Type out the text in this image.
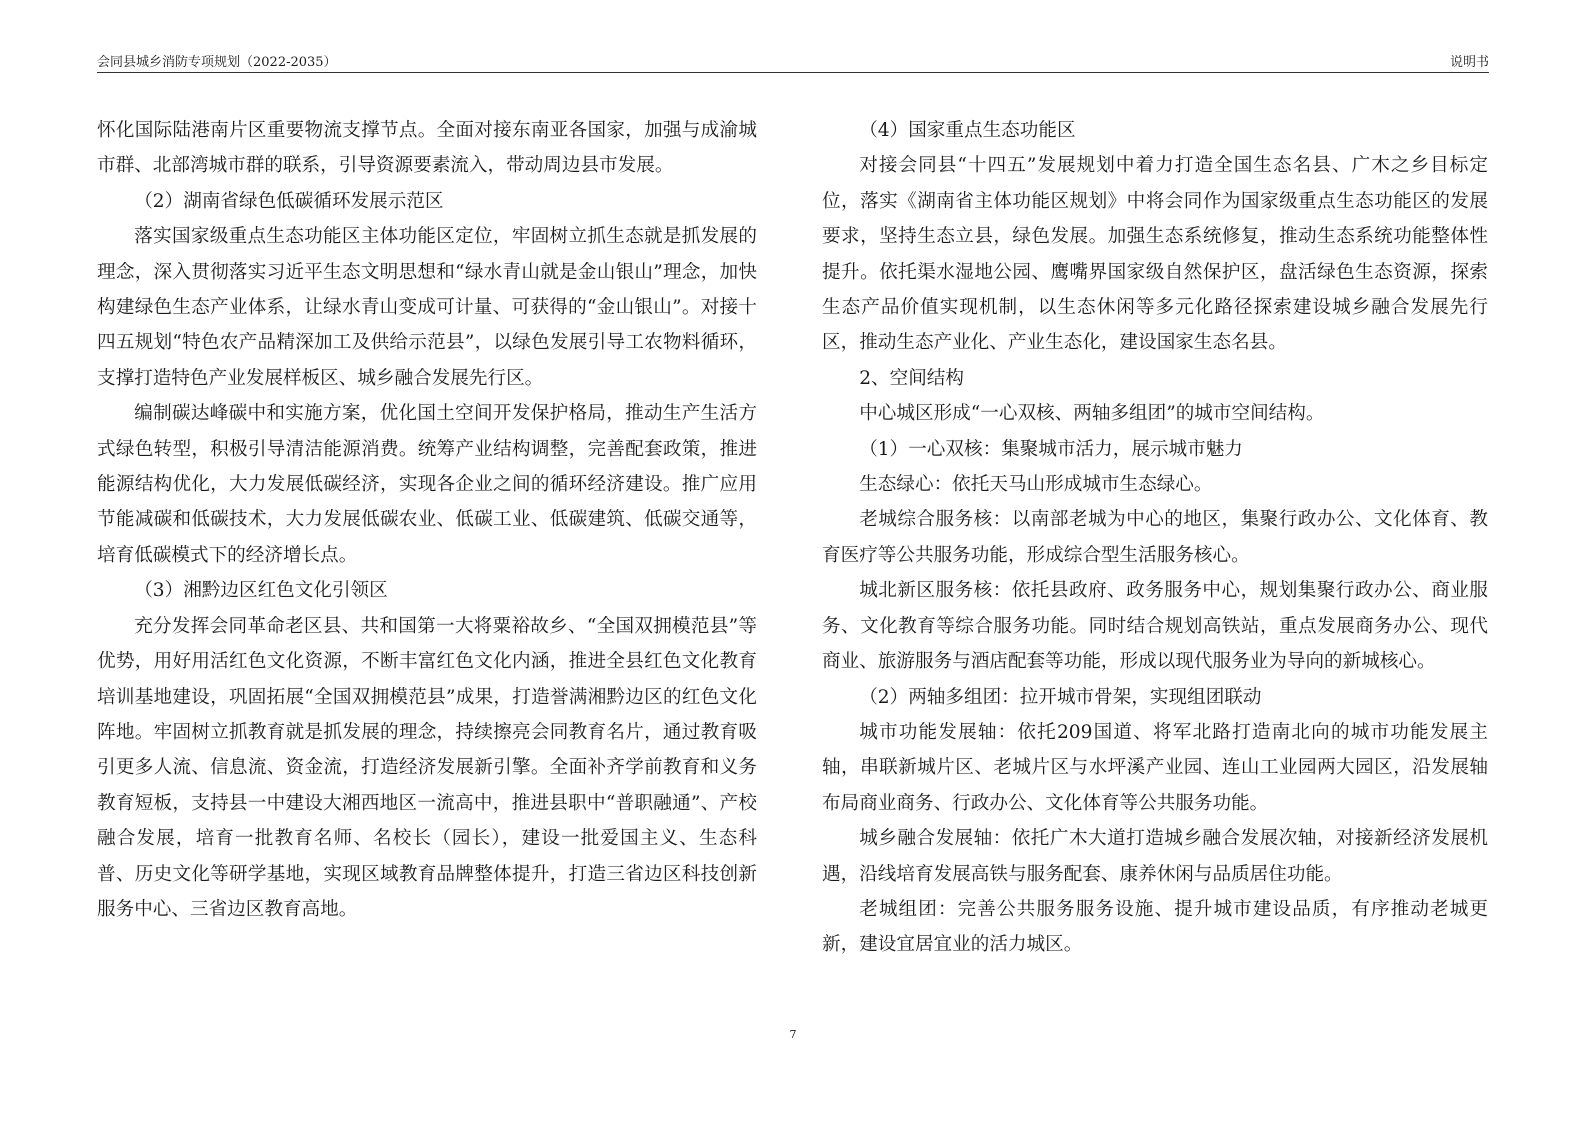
会同县城乡消防专项规划（2022-2035）	说明书

怀化国际陆港南片区重要物流支撑节点。全面对接东南亚各国家，加强与成渝城市群、北部湾城市群的联系，引导资源要素流入，带动周边县市发展。

（2）湖南省绿色低碳循环发展示范区

落实国家级重点生态功能区主体功能区定位，牢固树立抓生态就是抓发展的理念，深入贯彻落实习近平生态文明思想和“绿水青山就是金山银山”理念，加快构建绿色生态产业体系，让绿水青山变成可计量、可获得的“金山银山”。对接十四五规划“特色农产品精深加工及供给示范县”，以绿色发展引导工农物料循环，支撑打造特色产业发展样板区、城乡融合发展先行区。

编制碳达峰碳中和实施方案，优化国土空间开发保护格局，推动生产生活方式绿色转型，积极引导清洁能源消费。统筹产业结构调整，完善配套政策，推进能源结构优化，大力发展低碳经济，实现各企业之间的循环经济建设。推广应用节能减碳和低碳技术，大力发展低碳农业、低碳工业、低碳建筑、低碳交通等，培育低碳模式下的经济增长点。

（3）湘黔边区红色文化引领区

充分发挥会同革命老区县、共和国第一大将粟裕故乡、“全国双拥模范县”等优势，用好用活红色文化资源，不断丰富红色文化内涵，推进全县红色文化教育培训基地建设，巩固拓展“全国双拥模范县”成果，打造誉满湘黔边区的红色文化阵地。牢固树立抓教育就是抓发展的理念，持续擦亮会同教育名片，通过教育吸引更多人流、信息流、资金流，打造经济发展新引擎。全面补齐学前教育和义务教育短板，支持县一中建设大湘西地区一流高中，推进县职中“普职融通”、产校融合发展，培育一批教育名师、名校长（园长），建设一批爱国主义、生态科普、历史文化等研学基地，实现区域教育品牌整体提升，打造三省边区科技创新服务中心、三省边区教育高地。

（4）国家重点生态功能区

对接会同县“十四五”发展规划中着力打造全国生态名县、广木之乡目标定位，落实《湖南省主体功能区规划》中将会同作为国家级重点生态功能区的发展要求，坚持生态立县，绿色发展。加强生态系统修复，推动生态系统功能整体性提升。依托渠水湿地公园、鹰嘴界国家级自然保护区，盘活绿色生态资源，探索生态产品价值实现机制，以生态休闲等多元化路径探索建设城乡融合发展先行区，推动生态产业化、产业生态化，建设国家生态名县。

2、空间结构

中心城区形成“一心双核、两轴多组团”的城市空间结构。

（1）一心双核：集聚城市活力，展示城市魅力

生态绿心：依托天马山形成城市生态绿心。

老城综合服务核：以南部老城为中心的地区，集聚行政办公、文化体育、教育医疗等公共服务功能，形成综合型生活服务核心。

城北新区服务核：依托县政府、政务服务中心，规划集聚行政办公、商业服务、文化教育等综合服务功能。同时结合规划高铁站，重点发展商务办公、现代商业、旅游服务与酒店配套等功能，形成以现代服务业为导向的新城核心。

（2）两轴多组团：拉开城市骨架，实现组团联动

城市功能发展轴：依托209国道、将军北路打造南北向的城市功能发展主轴，串联新城片区、老城片区与水坪溪产业园、连山工业园两大园区，沿发展轴布局商业商务、行政办公、文化体育等公共服务功能。

城乡融合发展轴：依托广木大道打造城乡融合发展次轴，对接新经济发展机遇，沿线培育发展高铁与服务配套、康养休闲与品质居住功能。

老城组团：完善公共服务服务设施、提升城市建设品质，有序推动老城更新，建设宜居宜业的活力城区。

7
